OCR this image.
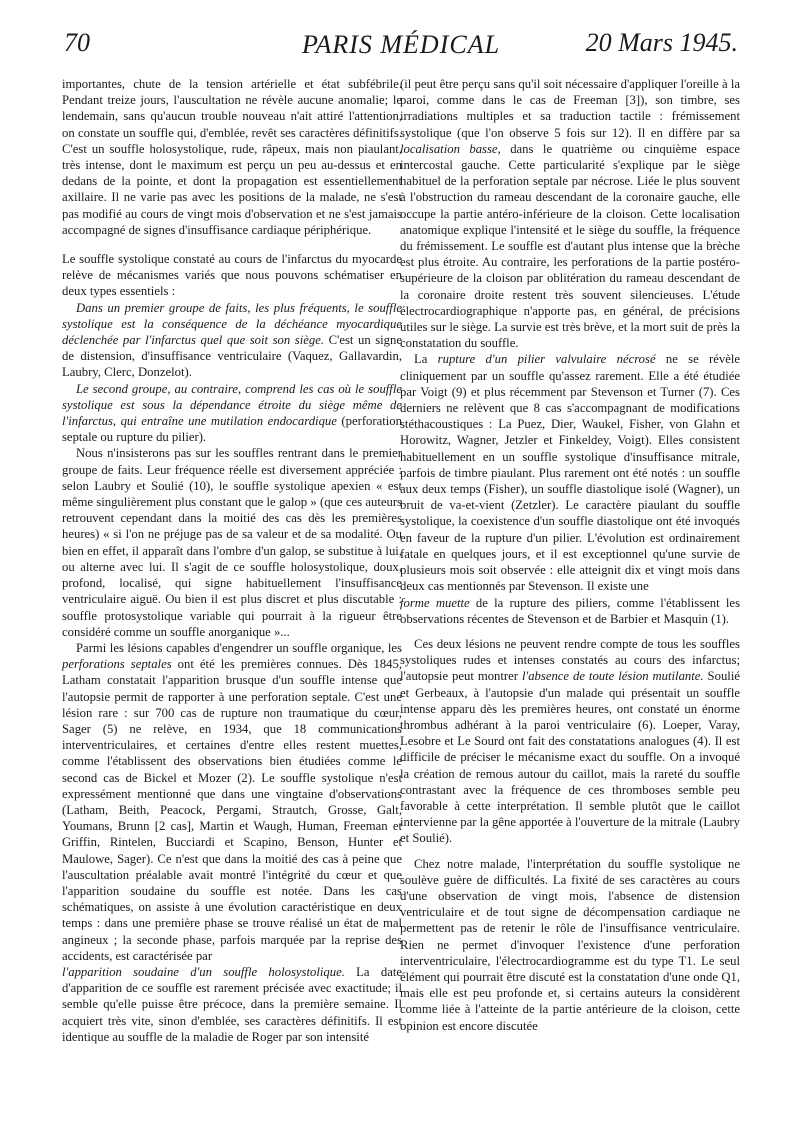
70	PARIS MÉDICAL	20 Mars 1945.

importantes, chute de la tension artérielle et état subfébrile. Pendant treize jours, l'auscultation ne révèle aucune anomalie; le lendemain, sans qu'aucun trouble nouveau n'ait attiré l'attention, on constate un souffle qui, d'emblée, revêt ses caractères définitifs. C'est un souffle holosystolique, rude, râpeux, mais non piaulant, très intense, dont le maximum est perçu un peu au-dessus et en dedans de la pointe, et dont la propagation est essentiellement axillaire. Il ne varie pas avec les positions de la malade, ne s'est pas modifié au cours de vingt mois d'observation et ne s'est jamais accompagné de signes d'insuffisance cardiaque périphérique.

Le souffle systolique constaté au cours de l'infarctus du myocarde relève de mécanismes variés que nous pouvons schématiser en deux types essentiels :

Dans un premier groupe de faits, les plus fréquents, le souffle systolique est la conséquence de la déchéance myocardique déclenchée par l'infarctus quel que soit son siège. C'est un signe de distension, d'insuffisance ventriculaire (Vaquez, Gallavardin, Laubry, Clerc, Donzelot).

Le second groupe, au contraire, comprend les cas où le souffle systolique est sous la dépendance étroite du siège même de l'infarctus, qui entraîne une mutilation endocardique (perforation septale ou rupture du pilier).

Nous n'insisterons pas sur les souffles rentrant dans le premier groupe de faits. Leur fréquence réelle est diversement appréciée : selon Laubry et Soulié (10), le souffle systolique apexien « est même singulièrement plus constant que le galop » (que ces auteurs retrouvent cependant dans la moitié des cas dès les premières heures) « si l'on ne préjuge pas de sa valeur et de sa modalité. Ou bien en effet, il apparaît dans l'ombre d'un galop, se substitue à lui, ou alterne avec lui. Il s'agit de ce souffle holosystolique, doux, profond, localisé, qui signe habituellement l'insuffisance ventriculaire aiguë. Ou bien il est plus discret et plus discutable : souffle protosystolique variable qui pourrait à la rigueur être considéré comme un souffle anorganique »...

Parmi les lésions capables d'engendrer un souffle organique, les perforations septales ont été les premières connues. Dès 1845, Latham constatait l'apparition brusque d'un souffle intense que l'autopsie permit de rapporter à une perforation septale. C'est une lésion rare : sur 700 cas de rupture non traumatique du cœur, Sager (5) ne relève, en 1934, que 18 communications interventriculaires, et certaines d'entre elles restent muettes, comme l'établissent des observations bien étudiées comme le second cas de Bickel et Mozer (2). Le souffle systolique n'est expressément mentionné que dans une vingtaine d'observations (Latham, Beith, Peacock, Pergami, Strautch, Grosse, Galt, Youmans, Brunn [2 cas], Martin et Waugh, Human, Freeman et Griffin, Rintelen, Bucciardi et Scapino, Benson, Hunter et Maulowe, Sager). Ce n'est que dans la moitié des cas à peine que l'auscultation préalable avait montré l'intégrité du cœur et que l'apparition soudaine du souffle est notée. Dans les cas schématiques, on assiste à une évolution caractéristique en deux temps : dans une première phase se trouve réalisé un état de mal angineux ; la seconde phase, parfois marquée par la reprise des accidents, est caractérisée par

l'apparition soudaine d'un souffle holosystolique. La date d'apparition de ce souffle est rarement précisée avec exactitude; il semble qu'elle puisse être précoce, dans la première semaine. Il acquiert très vite, sinon d'emblée, ses caractères définitifs. Il est identique au souffle de la maladie de Roger par son intensité

(il peut être perçu sans qu'il soit nécessaire d'appliquer l'oreille à la paroi, comme dans le cas de Freeman [3]), son timbre, ses irradiations multiples et sa traduction tactile : frémissement systolique (que l'on observe 5 fois sur 12). Il en diffère par sa localisation basse, dans le quatrième ou cinquième espace intercostal gauche. Cette particularité s'explique par le siège habituel de la perforation septale par nécrose. Liée le plus souvent à l'obstruction du rameau descendant de la coronaire gauche, elle occupe la partie antéro-inférieure de la cloison. Cette localisation anatomique explique l'intensité et le siège du souffle, la fréquence du frémissement. Le souffle est d'autant plus intense que la brèche est plus étroite. Au contraire, les perforations de la partie postéro-supérieure de la cloison par oblitération du rameau descendant de la coronaire droite restent très souvent silencieuses. L'étude électrocardiographique n'apporte pas, en général, de précisions utiles sur le siège. La survie est très brève, et la mort suit de près la constatation du souffle.

La rupture d'un pilier valvulaire nécrosé ne se révèle cliniquement par un souffle qu'assez rarement. Elle a été étudiée par Voigt (9) et plus récemment par Stevenson et Turner (7). Ces derniers ne relèvent que 8 cas s'accompagnant de modifications stéthacoustiques : La Puez, Dier, Waukel, Fisher, von Glahn et Horowitz, Wagner, Jetzler et Finkeldey, Voigt). Elles consistent habituellement en un souffle systolique d'insuffisance mitrale, parfois de timbre piaulant. Plus rarement ont été notés : un souffle aux deux temps (Fisher), un souffle diastolique isolé (Wagner), un bruit de va-et-vient (Zetzler). Le caractère piaulant du souffle systolique, la coexistence d'un souffle diastolique ont été invoqués en faveur de la rupture d'un pilier. L'évolution est ordinairement fatale en quelques jours, et il est exceptionnel qu'une survie de plusieurs mois soit observée : elle atteignit dix et vingt mois dans deux cas mentionnés par Stevenson. Il existe une

forme muette de la rupture des piliers, comme l'établissent les observations récentes de Stevenson et de Barbier et Masquin (1).

Ces deux lésions ne peuvent rendre compte de tous les souffles systoliques rudes et intenses constatés au cours des infarctus; l'autopsie peut montrer l'absence de toute lésion mutilante. Soulié et Gerbeaux, à l'autopsie d'un malade qui présentait un souffle intense apparu dès les premières heures, ont constaté un énorme thrombus adhérant à la paroi ventriculaire (6). Loeper, Varay, Lesobre et Le Sourd ont fait des constatations analogues (4). Il est difficile de préciser le mécanisme exact du souffle. On a invoqué la création de remous autour du caillot, mais la rareté du souffle contrastant avec la fréquence de ces thromboses semble peu favorable à cette interprétation. Il semble plutôt que le caillot intervienne par la gêne apportée à l'ouverture de la mitrale (Laubry et Soulié).

Chez notre malade, l'interprétation du souffle systolique ne soulève guère de difficultés. La fixité de ses caractères au cours d'une observation de vingt mois, l'absence de distension ventriculaire et de tout signe de décompensation cardiaque ne permettent pas de retenir le rôle de l'insuffisance ventriculaire. Rien ne permet d'invoquer l'existence d'une perforation interventriculaire, l'électrocardiogramme est du type T1. Le seul élément qui pourrait être discuté est la constatation d'une onde Q1, mais elle est peu profonde et, si certains auteurs la considèrent comme liée à l'atteinte de la partie antérieure de la cloison, cette opinion est encore discutée
